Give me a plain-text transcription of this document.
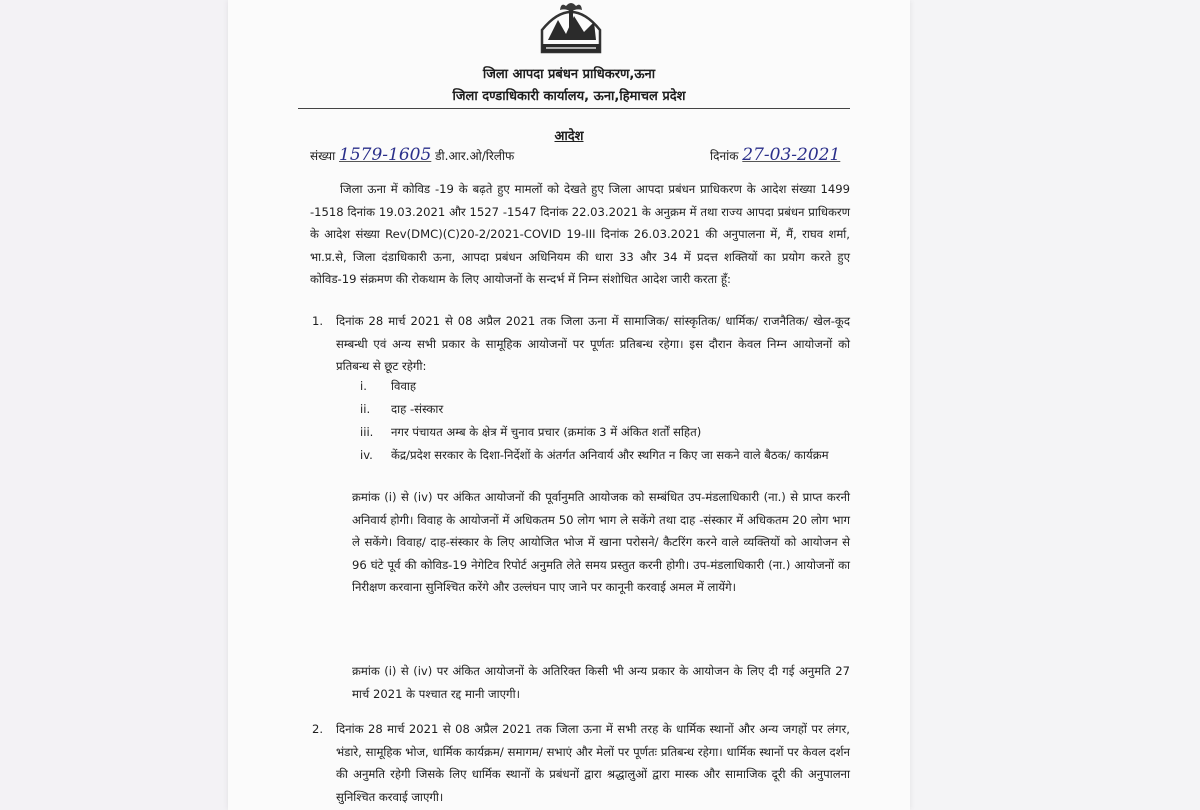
जिला आपदा प्रबंधन प्राधिकरण,ऊना
जिला दण्डाधिकारी कार्यालय, ऊना,हिमाचल प्रदेश
आदेश
संख्या 1579-1605 डी.आर.ओ/रिलीफ	दिनांक 27-03-2021
जिला ऊना में कोविड -19 के बढ़ते हुए मामलों को देखते हुए जिला आपदा प्रबंधन प्राधिकरण के आदेश संख्या 1499 -1518 दिनांक 19.03.2021 और 1527 -1547 दिनांक 22.03.2021 के अनुक्रम में तथा राज्य आपदा प्रबंधन प्राधिकरण के आदेश संख्या Rev(DMC)(C)20-2/2021-COVID 19-III दिनांक 26.03.2021 की अनुपालना में, मैं, राघव शर्मा, भा.प्र.से, जिला दंडाधिकारी ऊना, आपदा प्रबंधन अधिनियम की धारा 33 और 34 में प्रदत्त शक्तियों का प्रयोग करते हुए कोविड-19 संक्रमण की रोकथाम के लिए आयोजनों के सन्दर्भ में निम्न संशोधित आदेश जारी करता हूँ:
1. दिनांक 28 मार्च 2021 से 08 अप्रैल 2021 तक जिला ऊना में सामाजिक/ सांस्कृतिक/ धार्मिक/ राजनैतिक/ खेल-कूद सम्बन्धी एवं अन्य सभी प्रकार के सामूहिक आयोजनों पर पूर्णतः प्रतिबन्ध रहेगा। इस दौरान केवल निम्न आयोजनों को प्रतिबन्ध से छूट रहेगी:
i.	विवाह
ii.	दाह -संस्कार
iii.	नगर पंचायत अम्ब के क्षेत्र में चुनाव प्रचार (क्रमांक 3 में अंकित शर्तों सहित)
iv.	केंद्र/प्रदेश सरकार के दिशा-निर्देशों के अंतर्गत अनिवार्य और स्थगित न किए जा सकने वाले बैठक/ कार्यक्रम
क्रमांक (i) से (iv) पर अंकित आयोजनों की पूर्वानुमति आयोजक को सम्बंधित उप-मंडलाधिकारी (ना.) से प्राप्त करनी अनिवार्य होगी। विवाह के आयोजनों में अधिकतम 50 लोग भाग ले सकेंगे तथा दाह -संस्कार में अधिकतम 20 लोग भाग ले सकेंगे। विवाह/ दाह-संस्कार के लिए आयोजित भोज में खाना परोसने/ कैटरिंग करने वाले व्यक्तियों को आयोजन से 96 घंटे पूर्व की कोविड-19 नेगेटिव रिपोर्ट अनुमति लेते समय प्रस्तुत करनी होगी। उप-मंडलाधिकारी (ना.) आयोजनों का निरीक्षण करवाना सुनिश्चित करेंगे और उल्लंघन पाए जाने पर कानूनी करवाई अमल में लायेंगे।
क्रमांक (i) से (iv) पर अंकित आयोजनों के अतिरिक्त किसी भी अन्य प्रकार के आयोजन के लिए दी गई अनुमति 27 मार्च 2021 के पश्चात रद्द मानी जाएगी।
2. दिनांक 28 मार्च 2021 से 08 अप्रैल 2021 तक जिला ऊना में सभी तरह के धार्मिक स्थानों और अन्य जगहों पर लंगर, भंडारे, सामूहिक भोज, धार्मिक कार्यक्रम/ समागम/ सभाएं और मेलों पर पूर्णतः प्रतिबन्ध रहेगा। धार्मिक स्थानों पर केवल दर्शन की अनुमति रहेगी जिसके लिए धार्मिक स्थानों के प्रबंधनों द्वारा श्रद्धालुओं द्वारा मास्क और सामाजिक दूरी की अनुपालना सुनिश्चित करवाई जाएगी।
